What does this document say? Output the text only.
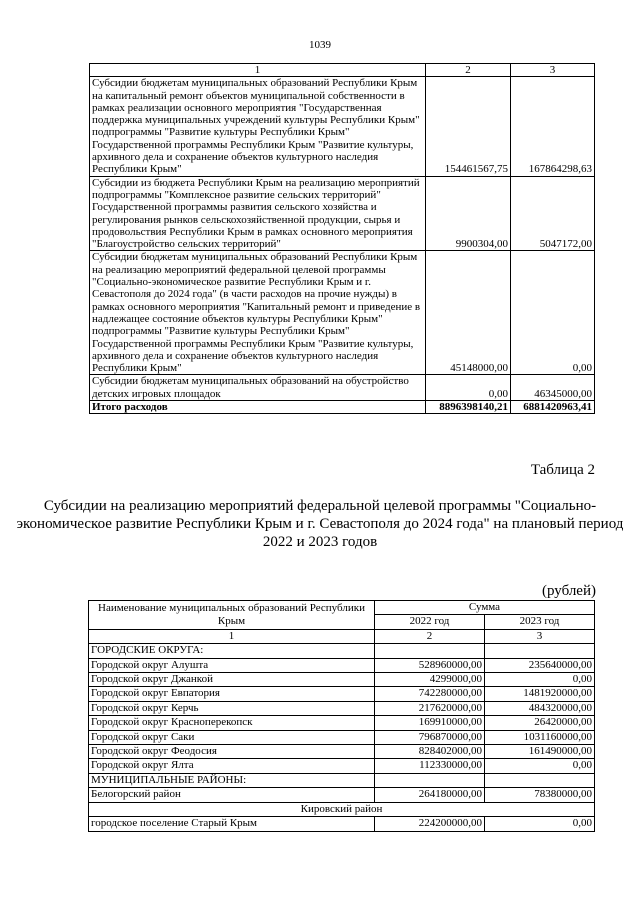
1039
1	2	3
Субсидии бюджетам муниципальных образований Республики Крым на капитальный ремонт объектов муниципальной собственности в рамках реализации основного мероприятия "Государственная поддержка муниципальных учреждений культуры Республики Крым" подпрограммы "Развитие культуры Республики Крым" Государственной программы Республики Крым "Развитие культуры, архивного дела и сохранение объектов культурного наследия Республики Крым"	154461567,75	167864298,63
Субсидии из бюджета Республики Крым на реализацию мероприятий подпрограммы "Комплексное развитие сельских территорий" Государственной программы развития сельского хозяйства и регулирования рынков сельскохозяйственной продукции, сырья и продовольствия Республики Крым в рамках основного мероприятия "Благоустройство сельских территорий"	9900304,00	5047172,00
Субсидии бюджетам муниципальных образований Республики Крым на реализацию мероприятий федеральной целевой программы "Социально-экономическое развитие Республики Крым и г. Севастополя до 2024 года" (в части расходов на прочие нужды) в рамках основного мероприятия "Капитальный ремонт и приведение в надлежащее состояние объектов культуры Республики Крым" подпрограммы "Развитие культуры Республики Крым" Государственной программы Республики Крым "Развитие культуры, архивного дела и сохранение объектов культурного наследия Республики Крым"	45148000,00	0,00
Субсидии бюджетам муниципальных образований на обустройство детских игровых площадок	0,00	46345000,00
Итого расходов	8896398140,21	6881420963,41
Таблица 2
Субсидии на реализацию мероприятий федеральной целевой программы "Социально-экономическое развитие Республики Крым и г. Севастополя до 2024 года" на плановый период 2022 и 2023 годов
(рублей)
Наименование муниципальных образований Республики Крым	Сумма	
	2022 год	2023 год
1	2	3
ГОРОДСКИЕ ОКРУГА:		
Городской округ Алушта	528960000,00	235640000,00
Городской округ Джанкой	4299000,00	0,00
Городской округ Евпатория	742280000,00	1481920000,00
Городской округ Керчь	217620000,00	484320000,00
Городской округ Красноперекопск	169910000,00	26420000,00
Городской округ Саки	796870000,00	1031160000,00
Городской округ Феодосия	828402000,00	161490000,00
Городской округ Ялта	112330000,00	0,00
МУНИЦИПАЛЬНЫЕ РАЙОНЫ:		
Белогорский район	264180000,00	78380000,00
Кировский район		
городское поселение Старый Крым	224200000,00	0,00
